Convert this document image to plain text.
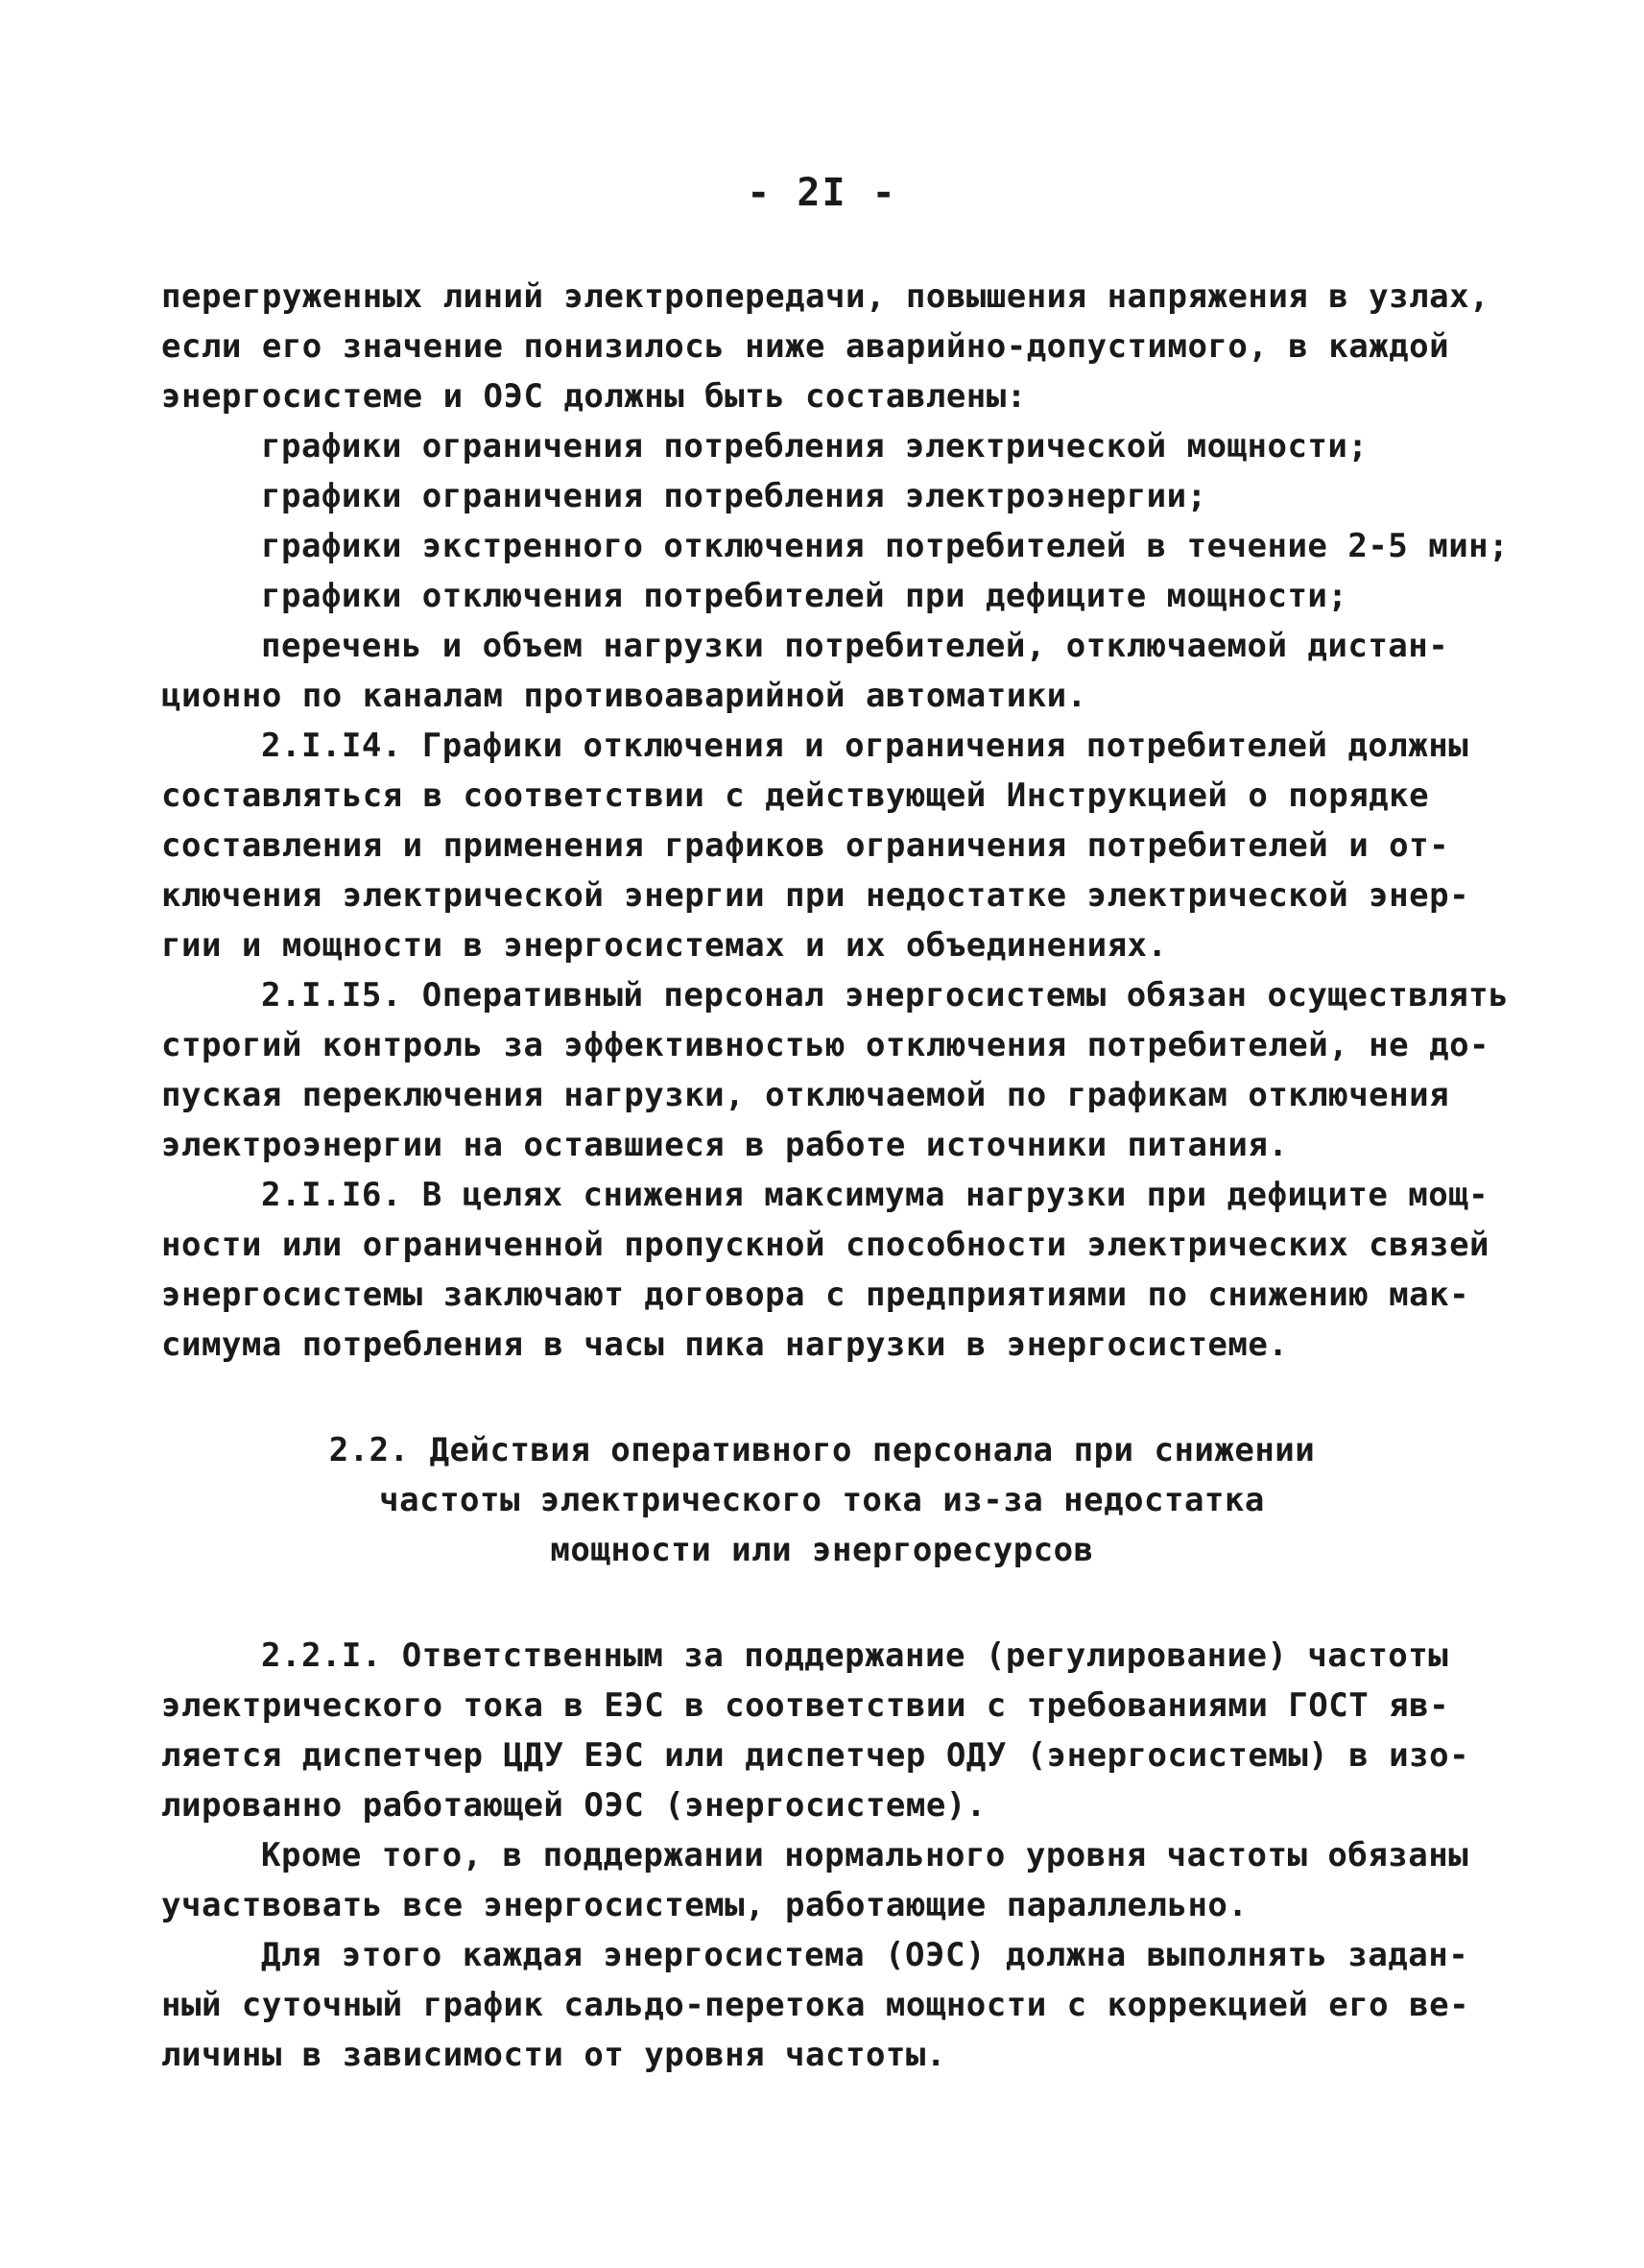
- 2I -
перегруженных линий электропередачи, повышения напряжения в узлах,
если его значение понизилось ниже аварийно-допустимого, в каждой
энергосистеме и ОЭС должны быть составлены:
графики ограничения потребления электрической мощности;
графики ограничения потребления электроэнергии;
графики экстренного отключения потребителей в течение 2-5 мин;
графики отключения потребителей при дефиците мощности;
перечень и объем нагрузки потребителей, отключаемой дистан-
ционно по каналам противоаварийной автоматики.
2.I.I4. Графики отключения и ограничения потребителей должны
составляться в соответствии с действующей Инструкцией о порядке
составления и применения графиков ограничения потребителей и от-
ключения электрической энергии при недостатке электрической энер-
гии и мощности в энергосистемах и их объединениях.
2.I.I5. Оперативный персонал энергосистемы обязан осуществлять
строгий контроль за эффективностью отключения потребителей, не до-
пуская переключения нагрузки, отключаемой по графикам отключения
электроэнергии на оставшиеся в работе источники питания.
2.I.I6. В целях снижения максимума нагрузки при дефиците мощ-
ности или ограниченной пропускной способности электрических связей
энергосистемы заключают договора с предприятиями по снижению мак-
симума потребления в часы пика нагрузки в энергосистеме.
2.2. Действия оперативного персонала при снижении
частоты электрического тока из-за недостатка
мощности или энергоресурсов
2.2.I. Ответственным за поддержание (регулирование) частоты
электрического тока в ЕЭС в соответствии с требованиями ГОСТ яв-
ляется диспетчер ЦДУ ЕЭС или диспетчер ОДУ (энергосистемы) в изо-
лированно работающей ОЭС (энергосистеме).
Кроме того, в поддержании нормального уровня частоты обязаны
участвовать все энергосистемы, работающие параллельно.
Для этого каждая энергосистема (ОЭС) должна выполнять задан-
ный суточный график сальдо-перетока мощности с коррекцией его ве-
личины в зависимости от уровня частоты.
